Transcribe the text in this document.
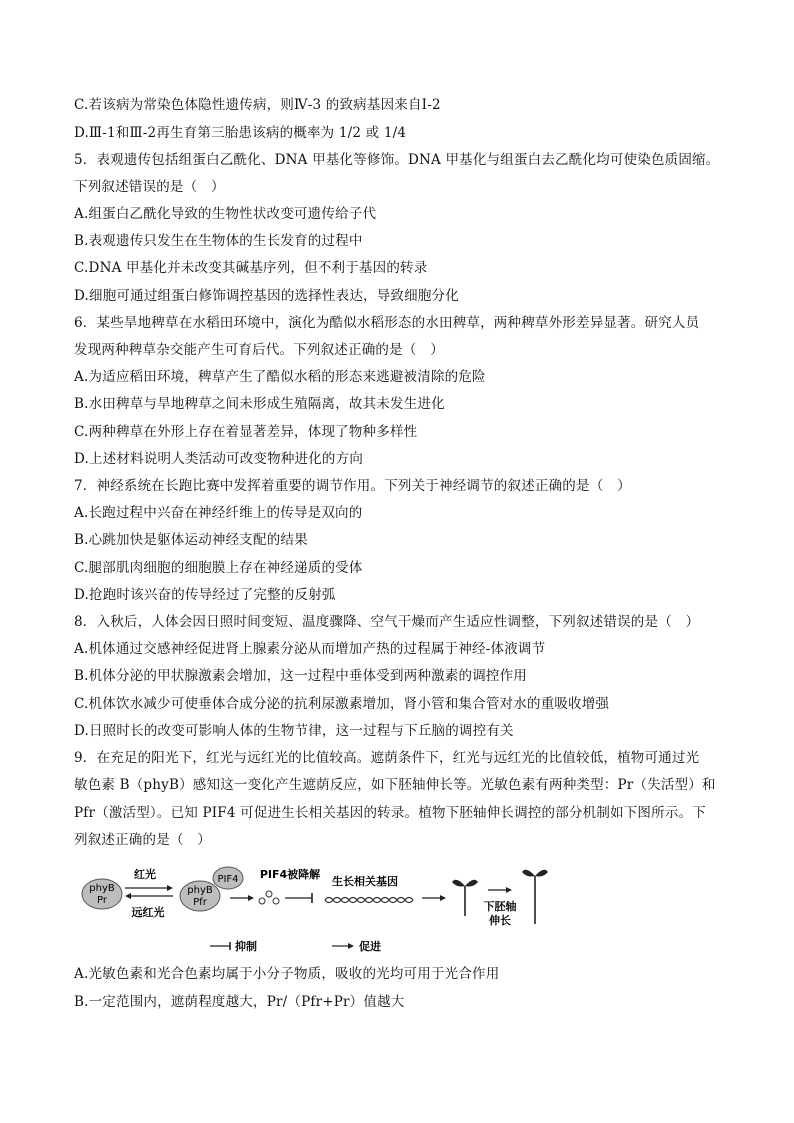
C.若该病为常染色体隐性遗传病，则Ⅳ-3 的致病基因来自Ⅰ-2
D.Ⅲ-1和Ⅲ-2再生育第三胎患该病的概率为 1/2 或 1/4
5．表观遗传包括组蛋白乙酰化、DNA 甲基化等修饰。DNA 甲基化与组蛋白去乙酰化均可使染色质固缩。
下列叙述错误的是（　）
A.组蛋白乙酰化导致的生物性状改变可遗传给子代
B.表观遗传只发生在生物体的生长发育的过程中
C.DNA 甲基化并未改变其碱基序列，但不利于基因的转录
D.细胞可通过组蛋白修饰调控基因的选择性表达，导致细胞分化
6．某些旱地稗草在水稻田环境中，演化为酷似水稻形态的水田稗草，两种稗草外形差异显著。研究人员
发现两种稗草杂交能产生可育后代。下列叙述正确的是（　）
A.为适应稻田环境，稗草产生了酷似水稻的形态来逃避被清除的危险
B.水田稗草与旱地稗草之间未形成生殖隔离，故其未发生进化
C.两种稗草在外形上存在着显著差异，体现了物种多样性
D.上述材料说明人类活动可改变物种进化的方向
7．神经系统在长跑比赛中发挥着重要的调节作用。下列关于神经调节的叙述正确的是（　）
A.长跑过程中兴奋在神经纤维上的传导是双向的
B.心跳加快是躯体运动神经支配的结果
C.腿部肌肉细胞的细胞膜上存在神经递质的受体
D.抢跑时该兴奋的传导经过了完整的反射弧
8．入秋后，人体会因日照时间变短、温度骤降、空气干燥而产生适应性调整，下列叙述错误的是（　）
A.机体通过交感神经促进肾上腺素分泌从而增加产热的过程属于神经-体液调节
B.机体分泌的甲状腺激素会增加，这一过程中垂体受到两种激素的调控作用
C.机体饮水减少可使垂体合成分泌的抗利尿激素增加，肾小管和集合管对水的重吸收增强
D.日照时长的改变可影响人体的生物节律，这一过程与下丘脑的调控有关
9．在充足的阳光下，红光与远红光的比值较高。遮荫条件下，红光与远红光的比值较低，植物可通过光
敏色素 B（phyB）感知这一变化产生遮荫反应，如下胚轴伸长等。光敏色素有两种类型：Pr（失活型）和
Pfr（激活型）。已知 PIF4 可促进生长相关基因的转录。植物下胚轴伸长调控的部分机制如下图所示。下
列叙述正确的是（　）
phyB
Pr
红光
远红光
phyB
Pfr
PIF4 PIF4被降解
生长相关基因
下胚轴
伸长
抑制	促进
A.光敏色素和光合色素均属于小分子物质，吸收的光均可用于光合作用
B.一定范围内，遮荫程度越大，Pr/（Pfr+Pr）值越大
